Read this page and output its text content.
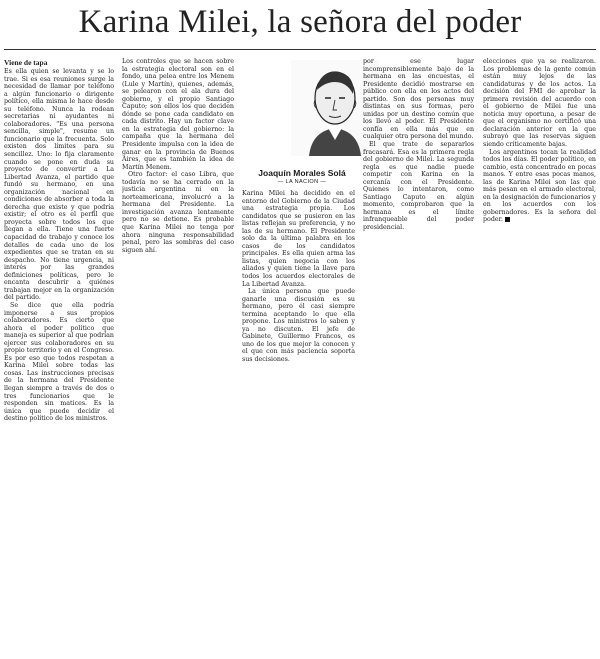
Karina Milei, la señora del poder
Viene de tapa

Es ella quien se levanta y se lo trae. Si es esa reuniones surge la necesidad de llamar por teléfono a algún funcionario o dirigente político, ella misma le hace desde su teléfono. Nunca la rodean secretarias ni ayudantes ni colaboradores. "Es una persona sencilla, simple", resume un funcionario que la frecuenta. Solo existen dos límites para su sencillez. Uno: lo fija claramente cuando se pone en duda su proyecto de convertir a La Libertad Avanza, el partido que fundó su hermano, en una organización nacional en condiciones de absorber a toda la derecha que existe y que podría existir; el otro es el perfil que proyecta sobre todos los que llegan a ella. Tiene una fuerte capacidad de trabajo y conoce los detalles de cada uno de los expedientes que se tratan en su despacho. No tiene urgencia, ni interés por las grandes definiciones políticas, pero le encanta descubrir a quiénes trabajan mejor en la organización del partido.

Se dice que ella podría imponerse a sus propios colaboradores. Es cierto que ahora el poder político que maneja es superior al que podrían ejercer sus colaboradores en su propio territorio y en el Congreso. Es por eso que todos respetan a Karina Milei sobre todas las cosas. Las instrucciones precisas de la hermana del Presidente llegan siempre a través de dos o tres funcionarios que le responden sin matices. Es la única que puede decidir el destino político de los ministros.

Los controles que se hacen sobre la estrategia electoral son en el fondo, una pelea entre los Menem (Lule y Martín), quienes, además, se pelearon con el ala dura del gobierno, y el propio Santiago Caputo; son ellos los que deciden dónde se pone cada candidato en cada distrito. Hay un factor clave en la estrategia del gobierno: la campaña que la hermana del Presidente impulsa con la idea de ganar en la provincia de Buenos Aires, que es también la idea de Martín Menem.

Otro factor: el caso Libra, que todavía no se ha cerrado en la justicia argentina ni en la norteamericana, involucró a la hermana del Presidente. La investigación avanza lentamente pero no se detiene. Es probable que Karina Milei no tenga por ahora ninguna responsabilidad penal, pero las sombras del caso siguen ahí.

Joaquín Morales Solá
— LA NACION —

Karina Milei ha decidido en el entorno del Gobierno de la Ciudad una estrategia propia. Los candidatos que se pusieron en las listas reflejan su preferencia, y no las de su hermano. El Presidente solo da la última palabra en los casos de los candidatos principales. Es ella quien arma las listas, quien negocia con los aliados y quien tiene la llave para todos los acuerdos electorales de La Libertad Avanza.

La única persona que puede ganarle una discusión es su hermano, pero él casi siempre termina aceptando lo que ella propone. Los ministros lo saben y ya no discuten. El jefe de Gabinete, Guillermo Francos, es uno de los que mejor la conocen y el que con más paciencia soporta sus decisiones.

por ese lugar incomprensiblemente bajo de la hermana en las encuestas, el Presidente decidió mostrarse en público con ella en los actos del partido. Son dos personas muy distintas en sus formas, pero unidas por un destino común que los llevó al poder. El Presidente confía en ella más que en cualquier otra persona del mundo.

El que trate de separarlos fracasará. Esa es la primera regla del gobierno de Milei. La segunda regla es que nadie puede competir con Karina en la cercanía con el Presidente. Quienes lo intentaron, como Santiago Caputo en algún momento, comprobaron que la hermana es el límite infranqueable del poder presidencial.

elecciones que ya se realizaron. Los problemas de la gente común están muy lejos de las candidaturas y de los actos. La decisión del FMI de aprobar la primera revisión del acuerdo con el gobierno de Milei fue una noticia muy oportuna, a pesar de que el organismo no certificó una declaración anterior en la que subrayó que las reservas siguen siendo críticamente bajas.

Los argentinos tocan la realidad todos los días. El poder político, en cambio, está concentrado en pocas manos. Y entre esas pocas manos, las de Karina Milei son las que más pesan en el armado electoral, en la designación de funcionarios y en los acuerdos con los gobernadores. Es la señora del poder.
